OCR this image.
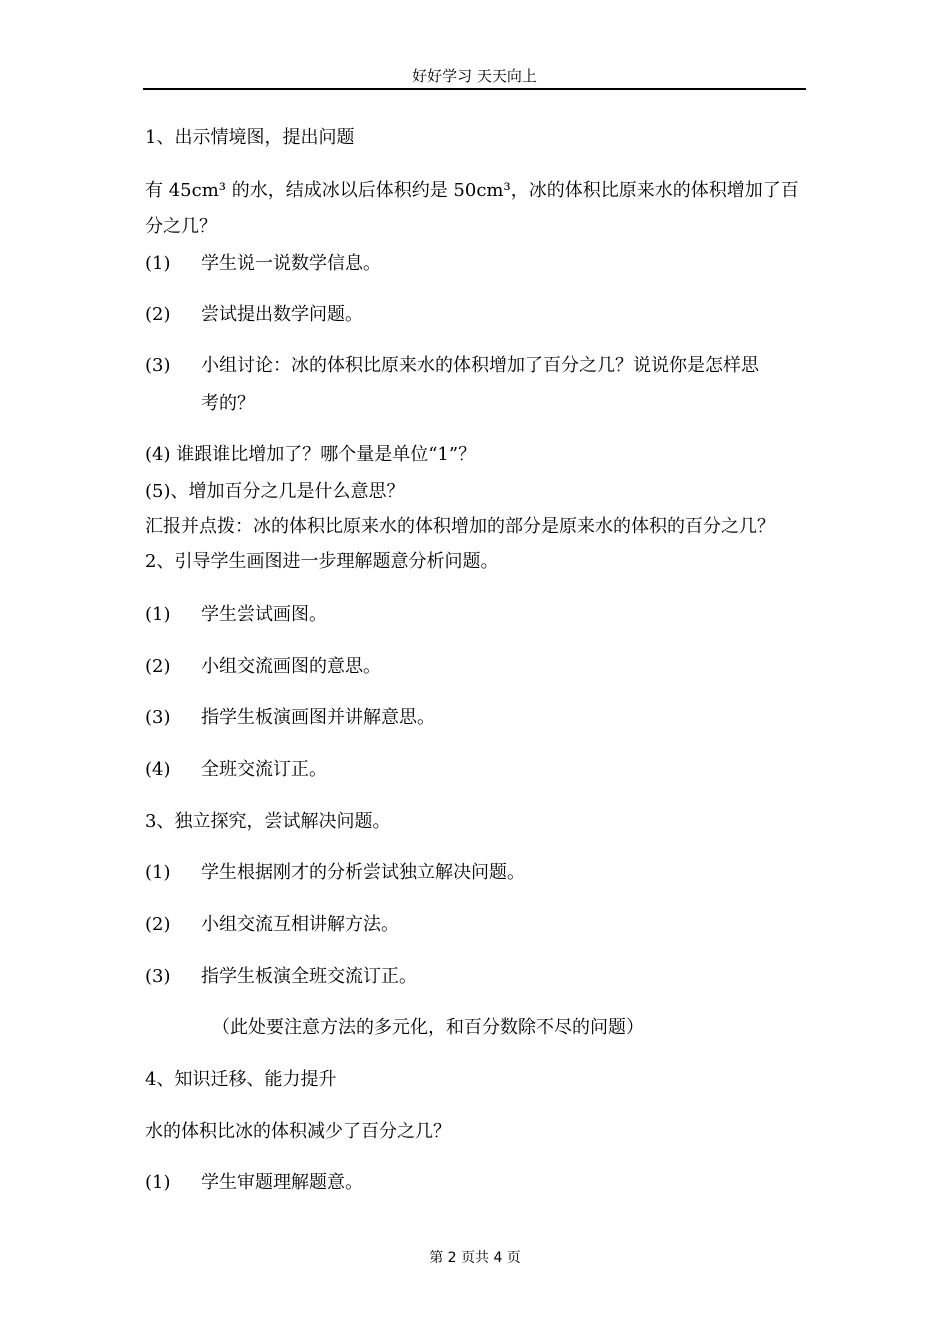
好好学习 天天向上
1、出示情境图，提出问题
有 45cm³ 的水，结成冰以后体积约是 50cm³，冰的体积比原来水的体积增加了百
分之几？
(1) 学生说一说数学信息。
(2) 尝试提出数学问题。
(3) 小组讨论：冰的体积比原来水的体积增加了百分之几？说说你是怎样思
考的？
(4) 谁跟谁比增加了？哪个量是单位“1”？
(5)、增加百分之几是什么意思？
汇报并点拨：冰的体积比原来水的体积增加的部分是原来水的体积的百分之几？
2、引导学生画图进一步理解题意分析问题。
(1) 学生尝试画图。
(2) 小组交流画图的意思。
(3) 指学生板演画图并讲解意思。
(4) 全班交流订正。
3、独立探究，尝试解决问题。
(1) 学生根据刚才的分析尝试独立解决问题。
(2) 小组交流互相讲解方法。
(3) 指学生板演全班交流订正。
（此处要注意方法的多元化，和百分数除不尽的问题）
4、知识迁移、能力提升
水的体积比冰的体积减少了百分之几？
(1) 学生审题理解题意。
第 2 页共 4 页
